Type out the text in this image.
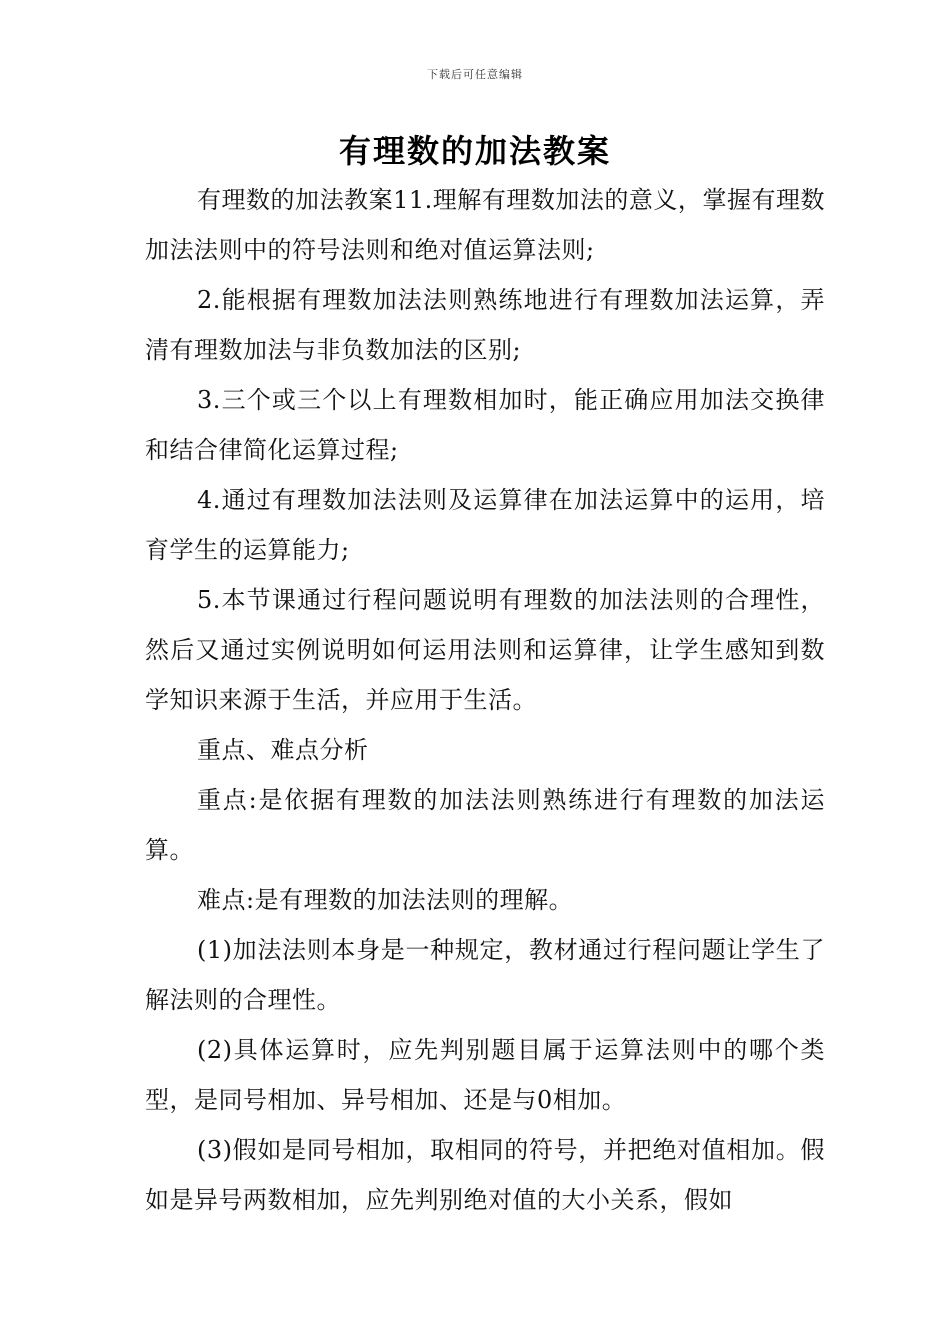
下载后可任意编辑
有理数的加法教案

有理数的加法教案11.理解有理数加法的意义，掌握有理数加法法则中的符号法则和绝对值运算法则;

2.能根据有理数加法法则熟练地进行有理数加法运算，弄清有理数加法与非负数加法的区别;

3.三个或三个以上有理数相加时，能正确应用加法交换律和结合律简化运算过程;

4.通过有理数加法法则及运算律在加法运算中的运用，培育学生的运算能力;

5.本节课通过行程问题说明有理数的加法法则的合理性，然后又通过实例说明如何运用法则和运算律，让学生感知到数学知识来源于生活，并应用于生活。

重点、难点分析

重点:是依据有理数的加法法则熟练进行有理数的加法运算。

难点:是有理数的加法法则的理解。

(1)加法法则本身是一种规定，教材通过行程问题让学生了解法则的合理性。

(2)具体运算时，应先判别题目属于运算法则中的哪个类型，是同号相加、异号相加、还是与0相加。

(3)假如是同号相加，取相同的符号，并把绝对值相加。假如是异号两数相加，应先判别绝对值的大小关系，假如
